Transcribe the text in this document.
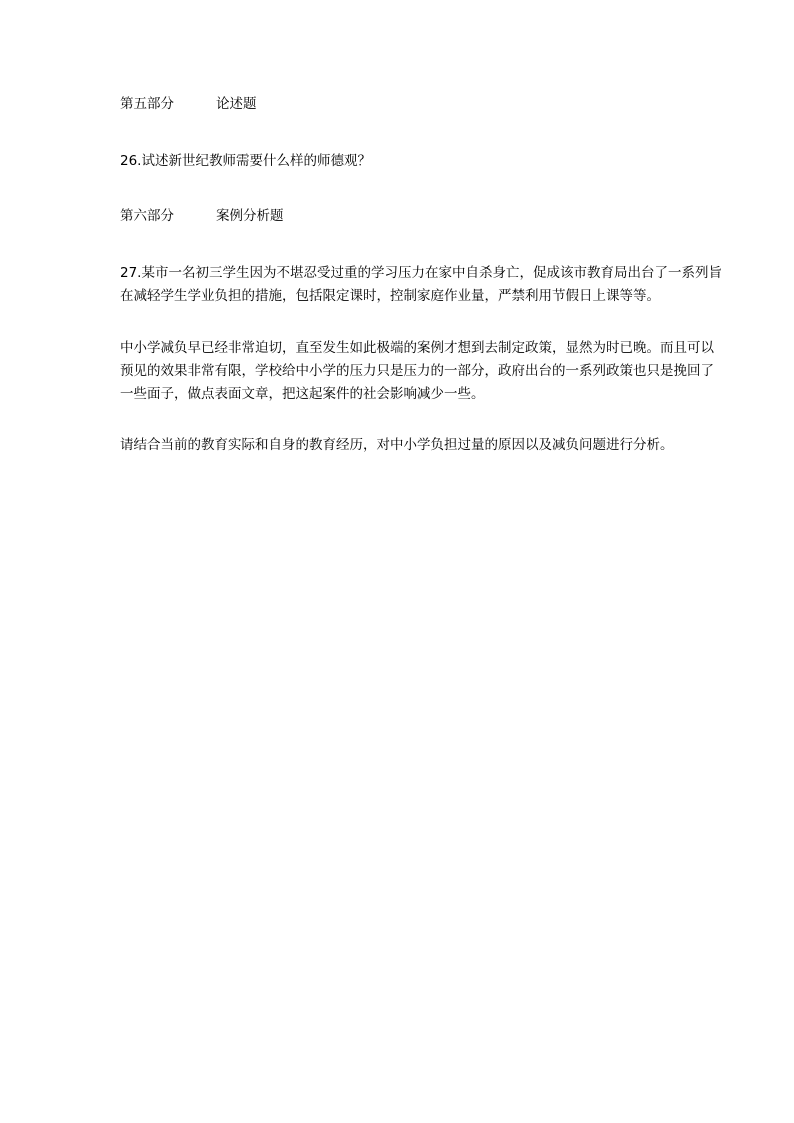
第五部分	论述题
26.试述新世纪教师需要什么样的师德观？
第六部分	案例分析题
27.某市一名初三学生因为不堪忍受过重的学习压力在家中自杀身亡，促成该市教育局出台了一系列旨
在减轻学生学业负担的措施，包括限定课时，控制家庭作业量，严禁利用节假日上课等等。
中小学减负早已经非常迫切，直至发生如此极端的案例才想到去制定政策，显然为时已晚。而且可以
预见的效果非常有限，学校给中小学的压力只是压力的一部分，政府出台的一系列政策也只是挽回了
一些面子，做点表面文章，把这起案件的社会影响减少一些。
请结合当前的教育实际和自身的教育经历，对中小学负担过量的原因以及减负问题进行分析。
